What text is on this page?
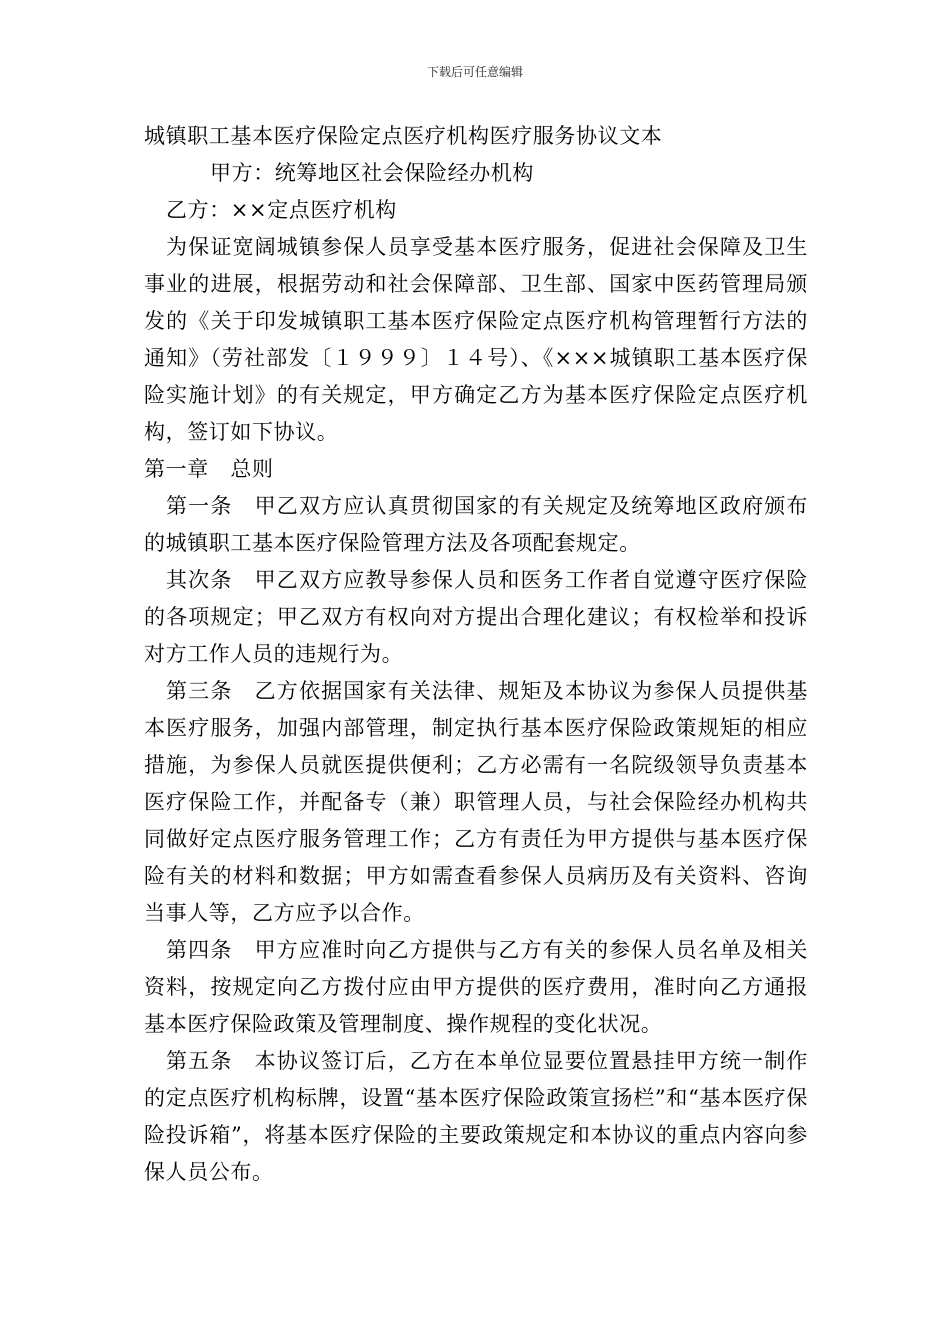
下载后可任意编辑
城镇职工基本医疗保险定点医疗机构医疗服务协议文本
甲方：统筹地区社会保险经办机构
乙方：××定点医疗机构
为保证宽阔城镇参保人员享受基本医疗服务，促进社会保障及卫生事业的进展，根据劳动和社会保障部、卫生部、国家中医药管理局颁发的《关于印发城镇职工基本医疗保险定点医疗机构管理暂行方法的通知》（劳社部发〔１９９９〕１４号）、《×××城镇职工基本医疗保险实施计划》的有关规定，甲方确定乙方为基本医疗保险定点医疗机构，签订如下协议。
第一章　总则
第一条　甲乙双方应认真贯彻国家的有关规定及统筹地区政府颁布的城镇职工基本医疗保险管理方法及各项配套规定。
其次条　甲乙双方应教导参保人员和医务工作者自觉遵守医疗保险的各项规定；甲乙双方有权向对方提出合理化建议；有权检举和投诉对方工作人员的违规行为。
第三条　乙方依据国家有关法律、规矩及本协议为参保人员提供基本医疗服务，加强内部管理，制定执行基本医疗保险政策规矩的相应措施，为参保人员就医提供便利；乙方必需有一名院级领导负责基本医疗保险工作，并配备专（兼）职管理人员，与社会保险经办机构共同做好定点医疗服务管理工作；乙方有责任为甲方提供与基本医疗保险有关的材料和数据；甲方如需查看参保人员病历及有关资料、咨询当事人等，乙方应予以合作。
第四条　甲方应准时向乙方提供与乙方有关的参保人员名单及相关资料，按规定向乙方拨付应由甲方提供的医疗费用，准时向乙方通报基本医疗保险政策及管理制度、操作规程的变化状况。
第五条　本协议签订后，乙方在本单位显要位置悬挂甲方统一制作的定点医疗机构标牌，设置“基本医疗保险政策宣扬栏”和“基本医疗保险投诉箱”，将基本医疗保险的主要政策规定和本协议的重点内容向参保人员公布。
